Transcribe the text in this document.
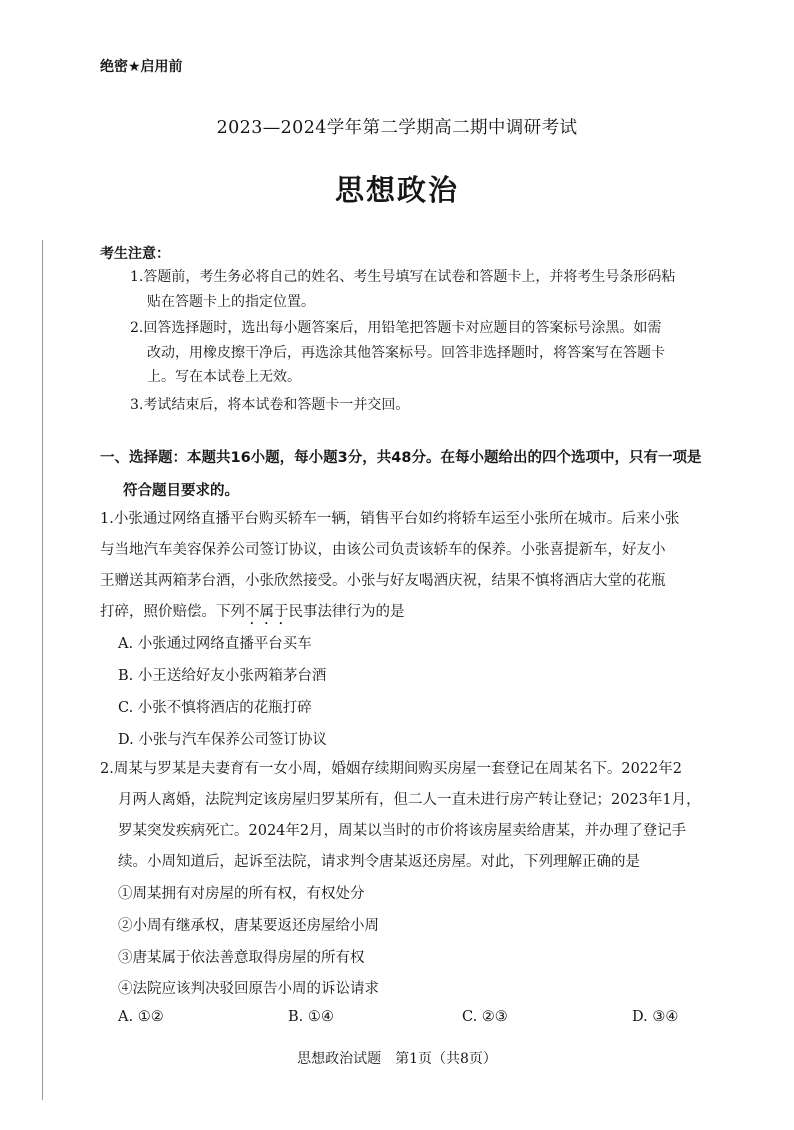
绝密★启用前
2023—2024学年第二学期高二期中调研考试
思想政治
考生注意：
1.答题前，考生务必将自己的姓名、考生号填写在试卷和答题卡上，并将考生号条形码粘
贴在答题卡上的指定位置。
2.回答选择题时，选出每小题答案后，用铅笔把答题卡对应题目的答案标号涂黑。如需
改动，用橡皮擦干净后，再选涂其他答案标号。回答非选择题时，将答案写在答题卡
上。写在本试卷上无效。
3.考试结束后，将本试卷和答题卡一并交回。
一、选择题：本题共16小题，每小题3分，共48分。在每小题给出的四个选项中，只有一项是
符合题目要求的。
1.小张通过网络直播平台购买轿车一辆，销售平台如约将轿车运至小张所在城市。后来小张
与当地汽车美容保养公司签订协议，由该公司负责该轿车的保养。小张喜提新车，好友小
王赠送其两箱茅台酒，小张欣然接受。小张与好友喝酒庆祝，结果不慎将酒店大堂的花瓶
打碎，照价赔偿。下列不属于民事法律行为的是
A. 小张通过网络直播平台买车
B. 小王送给好友小张两箱茅台酒
C. 小张不慎将酒店的花瓶打碎
D. 小张与汽车保养公司签订协议
2.周某与罗某是夫妻育有一女小周，婚姻存续期间购买房屋一套登记在周某名下。2022年2
月两人离婚，法院判定该房屋归罗某所有，但二人一直未进行房产转让登记；2023年1月，
罗某突发疾病死亡。2024年2月，周某以当时的市价将该房屋卖给唐某，并办理了登记手
续。小周知道后，起诉至法院，请求判令唐某返还房屋。对此，下列理解正确的是
①周某拥有对房屋的所有权，有权处分
②小周有继承权，唐某要返还房屋给小周
③唐某属于依法善意取得房屋的所有权
④法院应该判决驳回原告小周的诉讼请求
A. ①②	B. ①④	C. ②③	D. ③④
思想政治试题　第1页（共8页）
